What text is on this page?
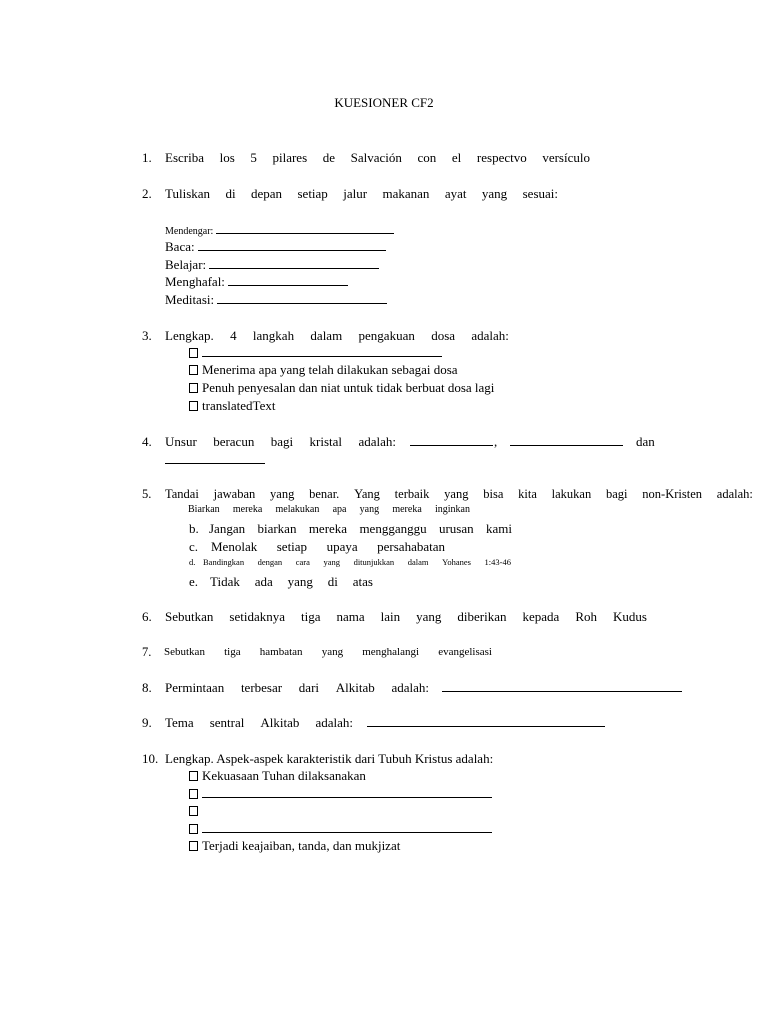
KUESIONER CF2
1. Escriba los 5 pilares de Salvación con el respectvo versículo
2. Tuliskan di depan setiap jalur makanan ayat yang sesuai:
Mendengar:
Baca:
Belajar:
Menghafal:
Meditasi:
3. Lengkap. 4 langkah dalam pengakuan dosa adalah:
Menerima apa yang telah dilakukan sebagai dosa
Penuh penyesalan dan niat untuk tidak berbuat dosa lagi
translatedText
4. Unsur beracun bagi kristal adalah:	,	dan
5. Tandai jawaban yang benar. Yang terbaik yang bisa kita lakukan bagi non-Kristen adalah:
Biarkan mereka melakukan apa yang mereka inginkan
b. Jangan biarkan mereka mengganggu urusan kami
c. Menolak setiap upaya persahabatan
d. Bandingkan dengan cara yang ditunjukkan dalam Yohanes 1:43-46
e. Tidak ada yang di atas
6. Sebutkan setidaknya tiga nama lain yang diberikan kepada Roh Kudus
7. Sebutkan tiga hambatan yang menghalangi evangelisasi
8. Permintaan terbesar dari Alkitab adalah:
9. Tema sentral Alkitab adalah:
10. Lengkap. Aspek-aspek karakteristik dari Tubuh Kristus adalah:
Kekuasaan Tuhan dilaksanakan
Terjadi keajaiban, tanda, dan mukjizat
